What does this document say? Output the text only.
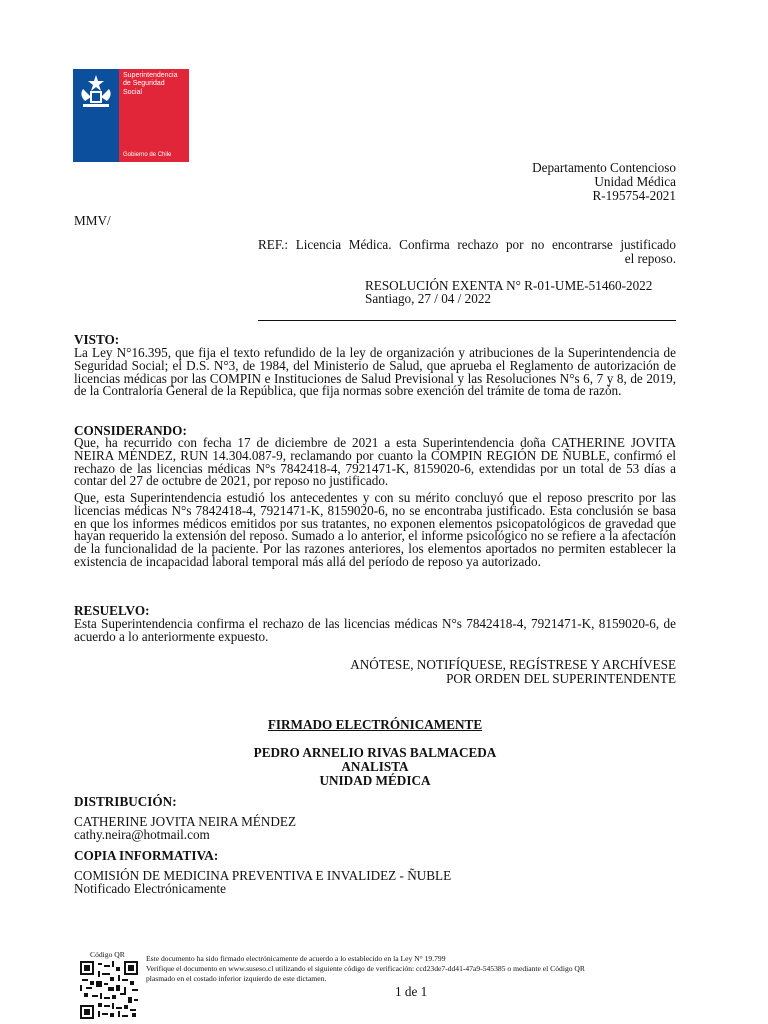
Superintendencia
de Seguridad
Social
Gobierno de Chile
Departamento Contencioso
Unidad Médica
R-195754-2021
MMV/
REF.: Licencia Médica. Confirma rechazo por no encontrarse justificado
el reposo.
RESOLUCIÓN EXENTA N° R-01-UME-51460-2022
Santiago, 27 / 04 / 2022
VISTO:
La Ley N°16.395, que fija el texto refundido de la ley de organización y atribuciones de la Superintendencia de Seguridad Social; el D.S. N°3, de 1984, del Ministerio de Salud, que aprueba el Reglamento de autorización de licencias médicas por las COMPIN e Instituciones de Salud Previsional y las Resoluciones N°s 6, 7 y 8, de 2019, de la Contraloría General de la República, que fija normas sobre exención del trámite de toma de razón.
CONSIDERANDO:
Que, ha recurrido con fecha 17 de diciembre de 2021 a esta Superintendencia doña CATHERINE JOVITA NEIRA MÉNDEZ, RUN 14.304.087-9, reclamando por cuanto la COMPIN REGIÓN DE ÑUBLE, confirmó el rechazo de las licencias médicas N°s 7842418-4, 7921471-K, 8159020-6, extendidas por un total de 53 días a contar del 27 de octubre de 2021, por reposo no justificado.
Que, esta Superintendencia estudió los antecedentes y con su mérito concluyó que el reposo prescrito por las licencias médicas N°s 7842418-4, 7921471-K, 8159020-6, no se encontraba justificado. Esta conclusión se basa en que los informes médicos emitidos por sus tratantes, no exponen elementos psicopatológicos de gravedad que hayan requerido la extensión del reposo. Sumado a lo anterior, el informe psicológico no se refiere a la afectación de la funcionalidad de la paciente. Por las razones anteriores, los elementos aportados no permiten establecer la existencia de incapacidad laboral temporal más allá del período de reposo ya autorizado.
RESUELVO:
Esta Superintendencia confirma el rechazo de las licencias médicas N°s 7842418-4, 7921471-K, 8159020-6, de acuerdo a lo anteriormente expuesto.
ANÓTESE, NOTIFÍQUESE, REGÍSTRESE Y ARCHÍVESE
POR ORDEN DEL SUPERINTENDENTE
FIRMADO ELECTRÓNICAMENTE
PEDRO ARNELIO RIVAS BALMACEDA
ANALISTA
UNIDAD MÉDICA
DISTRIBUCIÓN:
CATHERINE JOVITA NEIRA MÉNDEZ
cathy.neira@hotmail.com
COPIA INFORMATIVA:
COMISIÓN DE MEDICINA PREVENTIVA E INVALIDEZ - ÑUBLE
Notificado Electrónicamente
Código QR	Este documento ha sido firmado electrónicamente de acuerdo a lo establecido en la Ley N° 19.799
Verifique el documento en www.suseso.cl utilizando el siguiente código de verificación: ccd23de7-dd41-47a9-545385 o mediante el Código QR
plasmado en el costado inferior izquierdo de este dictamen.
1 de 1
